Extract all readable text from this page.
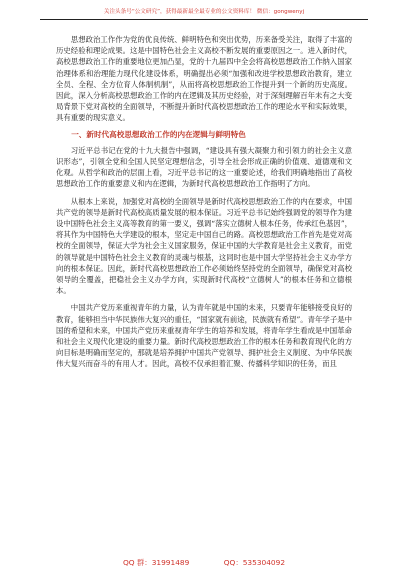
关注头条号“公文研究”，获得最新最全最专业的公文资料库！ 微信：gongwenyj

思想政治工作作为党的优良传统、鲜明特色和突出优势，历来备受关注，取得了丰富的历史经验和理论成果。这是中国特色社会主义高校不断发展的重要原因之一。进入新时代，高校思想政治工作的重要地位更加凸显，党的十九届四中全会将高校思想政治工作纳入国家治理体系和治理能力现代化建设体系，明确提出必须“加强和改进学校思想政治教育，建立全员、全程、全方位育人体制机制”，从而将高校思想政治工作提升到一个新的历史高度。因此，深入分析高校思想政治工作的内在逻辑及其历史经验，对于深刻理解百年未有之大变局背景下党对高校的全面领导，不断提升新时代高校思想政治工作的理论水平和实际效果，具有重要的现实意义。

一、新时代高校思想政治工作的内在逻辑与鲜明特色

习近平总书记在党的十九大报告中强调，“建设具有强大凝聚力和引领力的社会主义意识形态”，引领全党和全国人民坚定理想信念，引导全社会形成正确的价值观、道德观和文化观。从哲学和政治的层面上看，习近平总书记的这一重要论述，给我们明确地指出了高校思想政治工作的重要意义和内在逻辑，为新时代高校思想政治工作指明了方向。

从根本上来说，加强党对高校的全面领导是新时代高校思想政治工作的内在要求，中国共产党的领导是新时代高校高质量发展的根本保证。习近平总书记始终强调党的领导作为建设中国特色社会主义高等教育的第一要义，强调“落实立德树人根本任务，传承红色基因”，将其作为中国特色大学建设的根本，坚定走中国自己的路。高校思想政治工作首先是党对高校的全面领导，保证大学为社会主义国家服务，保证中国的大学教育是社会主义教育，而党的领导就是中国特色社会主义教育的灵魂与根基，这同时也是中国大学坚持社会主义办学方向的根本保证。因此，新时代高校思想政治工作必须始终坚持党的全面领导，确保党对高校领导的全覆盖，把稳社会主义办学方向，实现新时代高校“立德树人”的根本任务和立德根本。

中国共产党历来重视青年的力量，认为青年就是中国的未来，只要青年能够接受良好的教育，能够担当中华民族伟大复兴的重任，“国家就有前途，民族就有希望”。青年学子是中国的希望和未来，中国共产党历来重视青年学生的培养和发展，将青年学生看成是中国革命和社会主义现代化建设的重要力量。新时代高校思想政治工作的根本任务和教育现代化的方向目标是明确而坚定的，那就是培养拥护中国共产党领导、拥护社会主义制度、为中华民族伟大复兴而奋斗的有用人才。因此，高校不仅承担着汇聚、传播科学知识的任务，而且

QQ 群：31991489	QQ：535304092
